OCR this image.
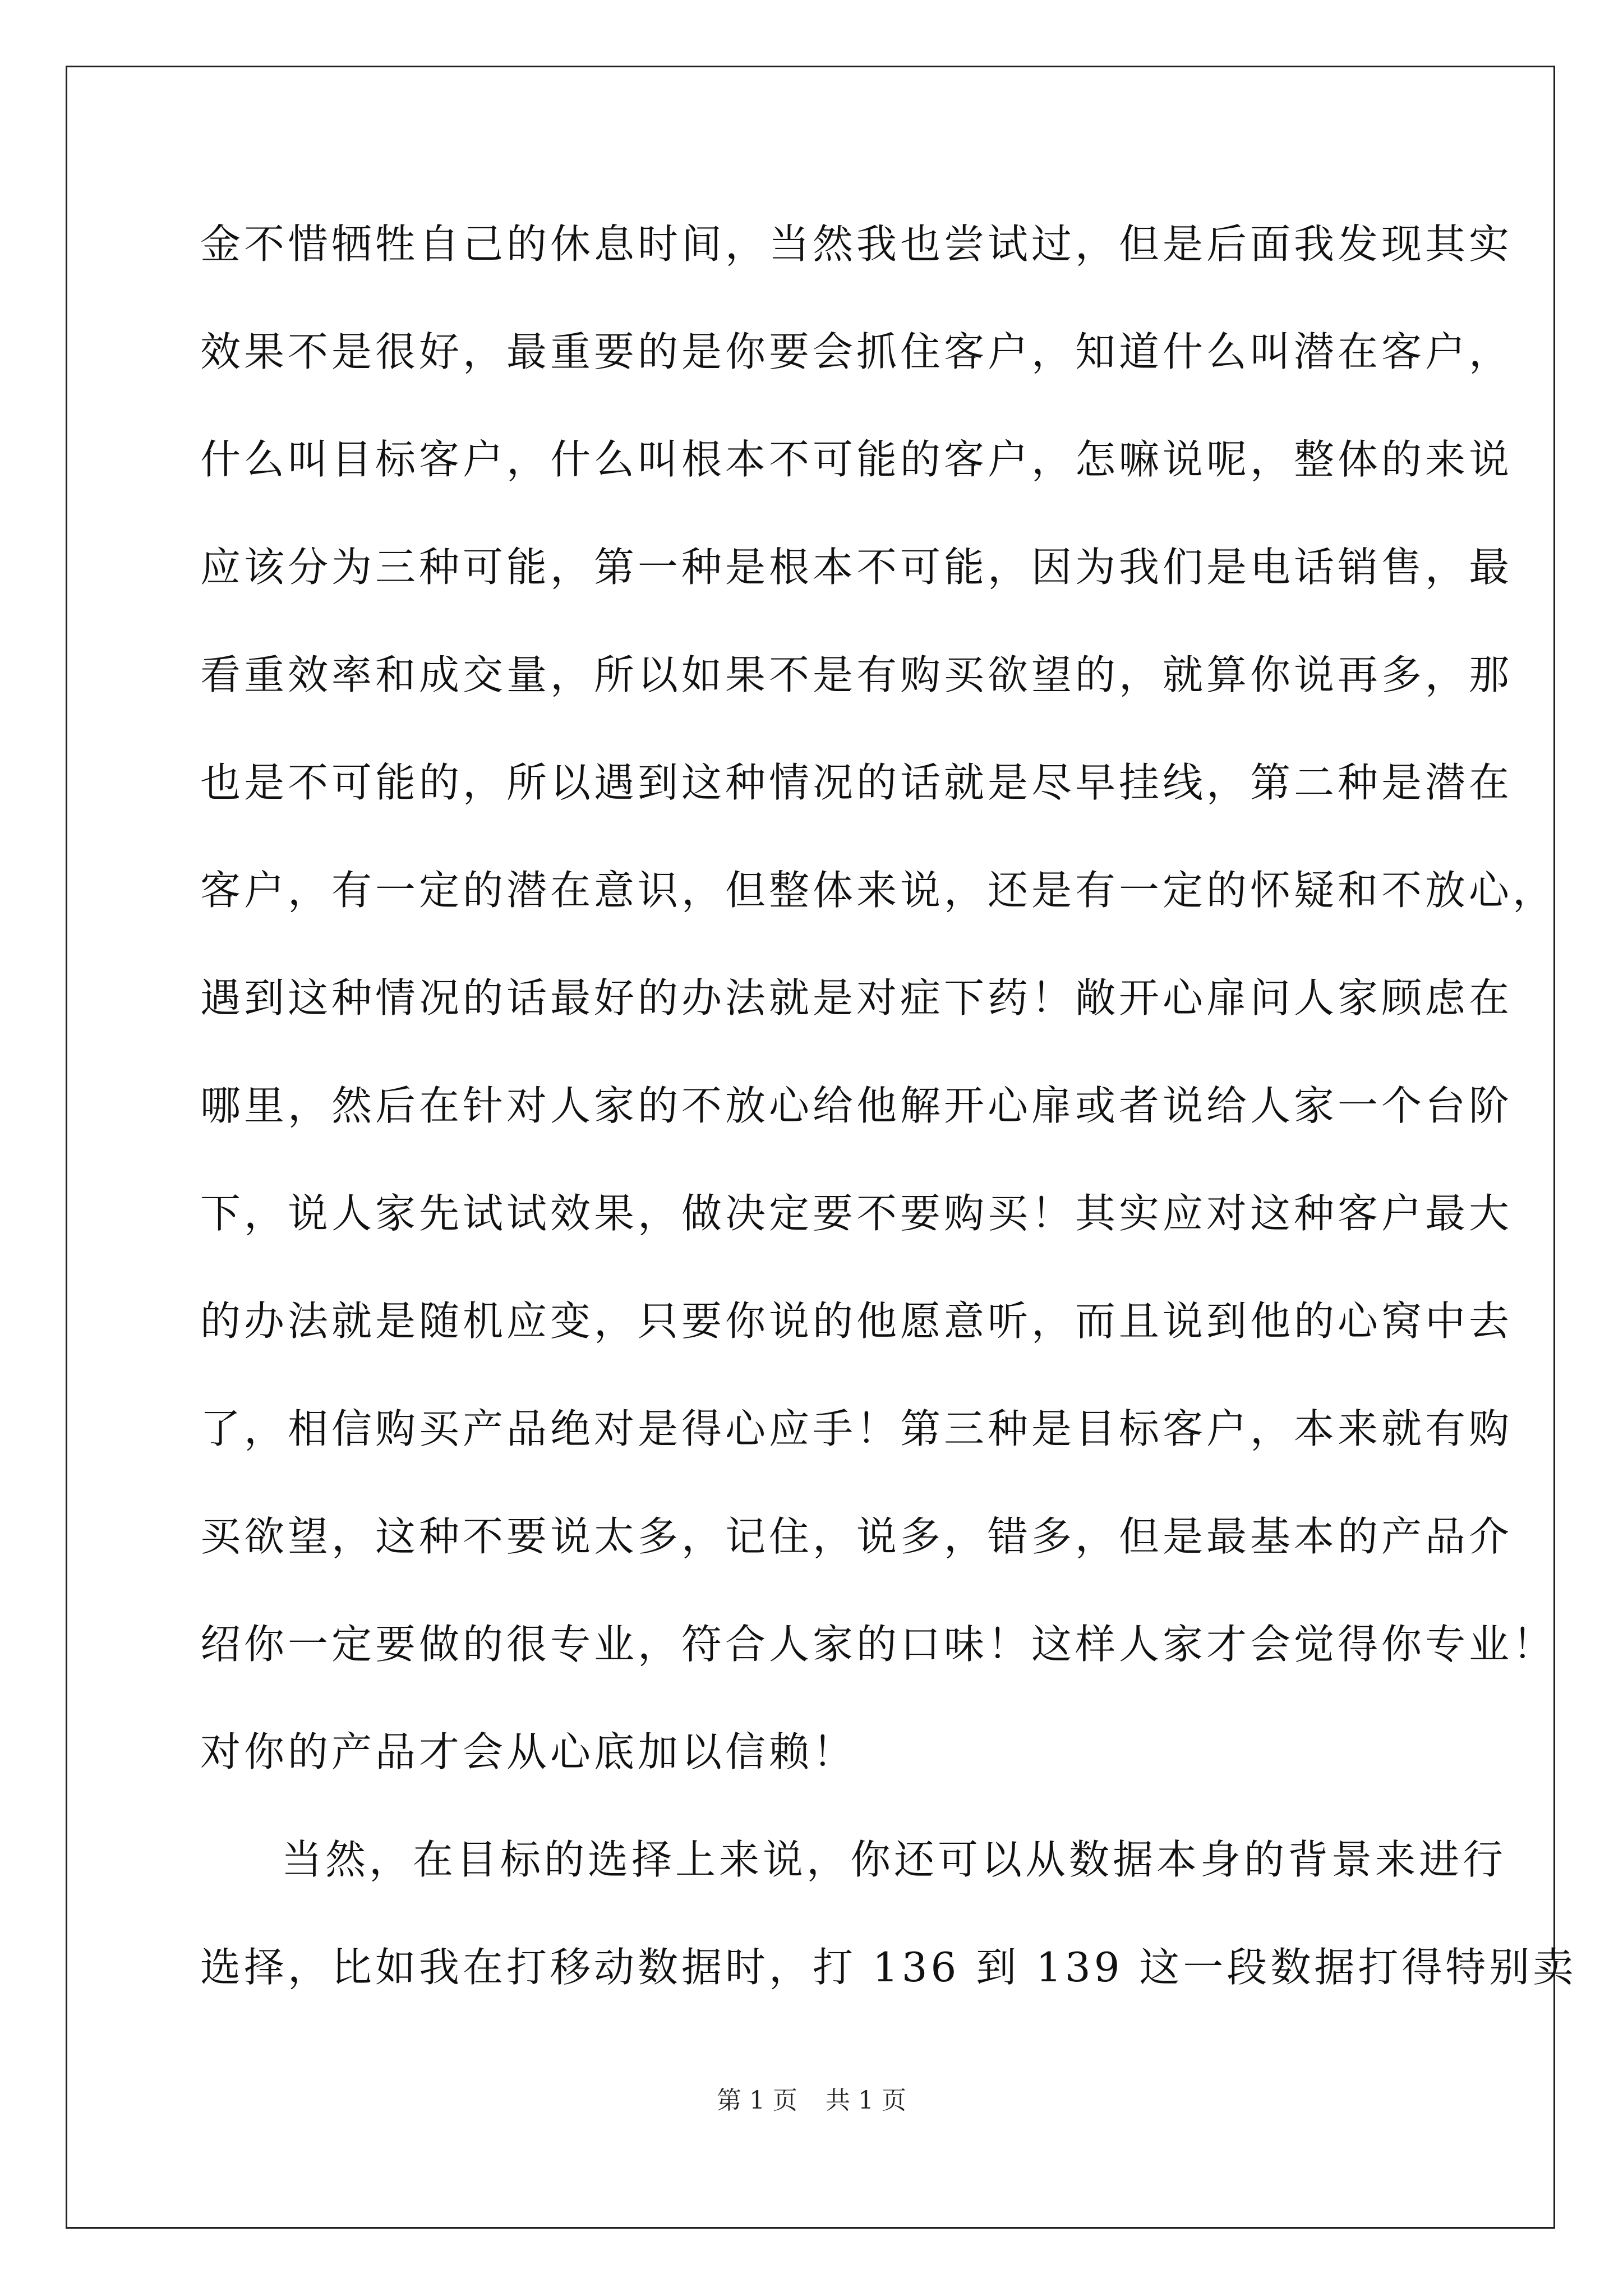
金不惜牺牲自己的休息时间，当然我也尝试过，但是后面我发现其实
效果不是很好，最重要的是你要会抓住客户，知道什么叫潜在客户，
什么叫目标客户，什么叫根本不可能的客户，怎嘛说呢，整体的来说
应该分为三种可能，第一种是根本不可能，因为我们是电话销售，最
看重效率和成交量，所以如果不是有购买欲望的，就算你说再多，那
也是不可能的，所以遇到这种情况的话就是尽早挂线，第二种是潜在
客户，有一定的潜在意识，但整体来说，还是有一定的怀疑和不放心，
遇到这种情况的话最好的办法就是对症下药！敞开心扉问人家顾虑在
哪里，然后在针对人家的不放心给他解开心扉或者说给人家一个台阶
下，说人家先试试效果，做决定要不要购买！其实应对这种客户最大
的办法就是随机应变，只要你说的他愿意听，而且说到他的心窝中去
了，相信购买产品绝对是得心应手！第三种是目标客户，本来就有购
买欲望，这种不要说太多，记住，说多，错多，但是最基本的产品介
绍你一定要做的很专业，符合人家的口味！这样人家才会觉得你专业！
对你的产品才会从心底加以信赖！
当然，在目标的选择上来说，你还可以从数据本身的背景来进行
选择，比如我在打移动数据时，打 136 到 139 这一段数据打得特别卖
第 1 页 共 1 页
